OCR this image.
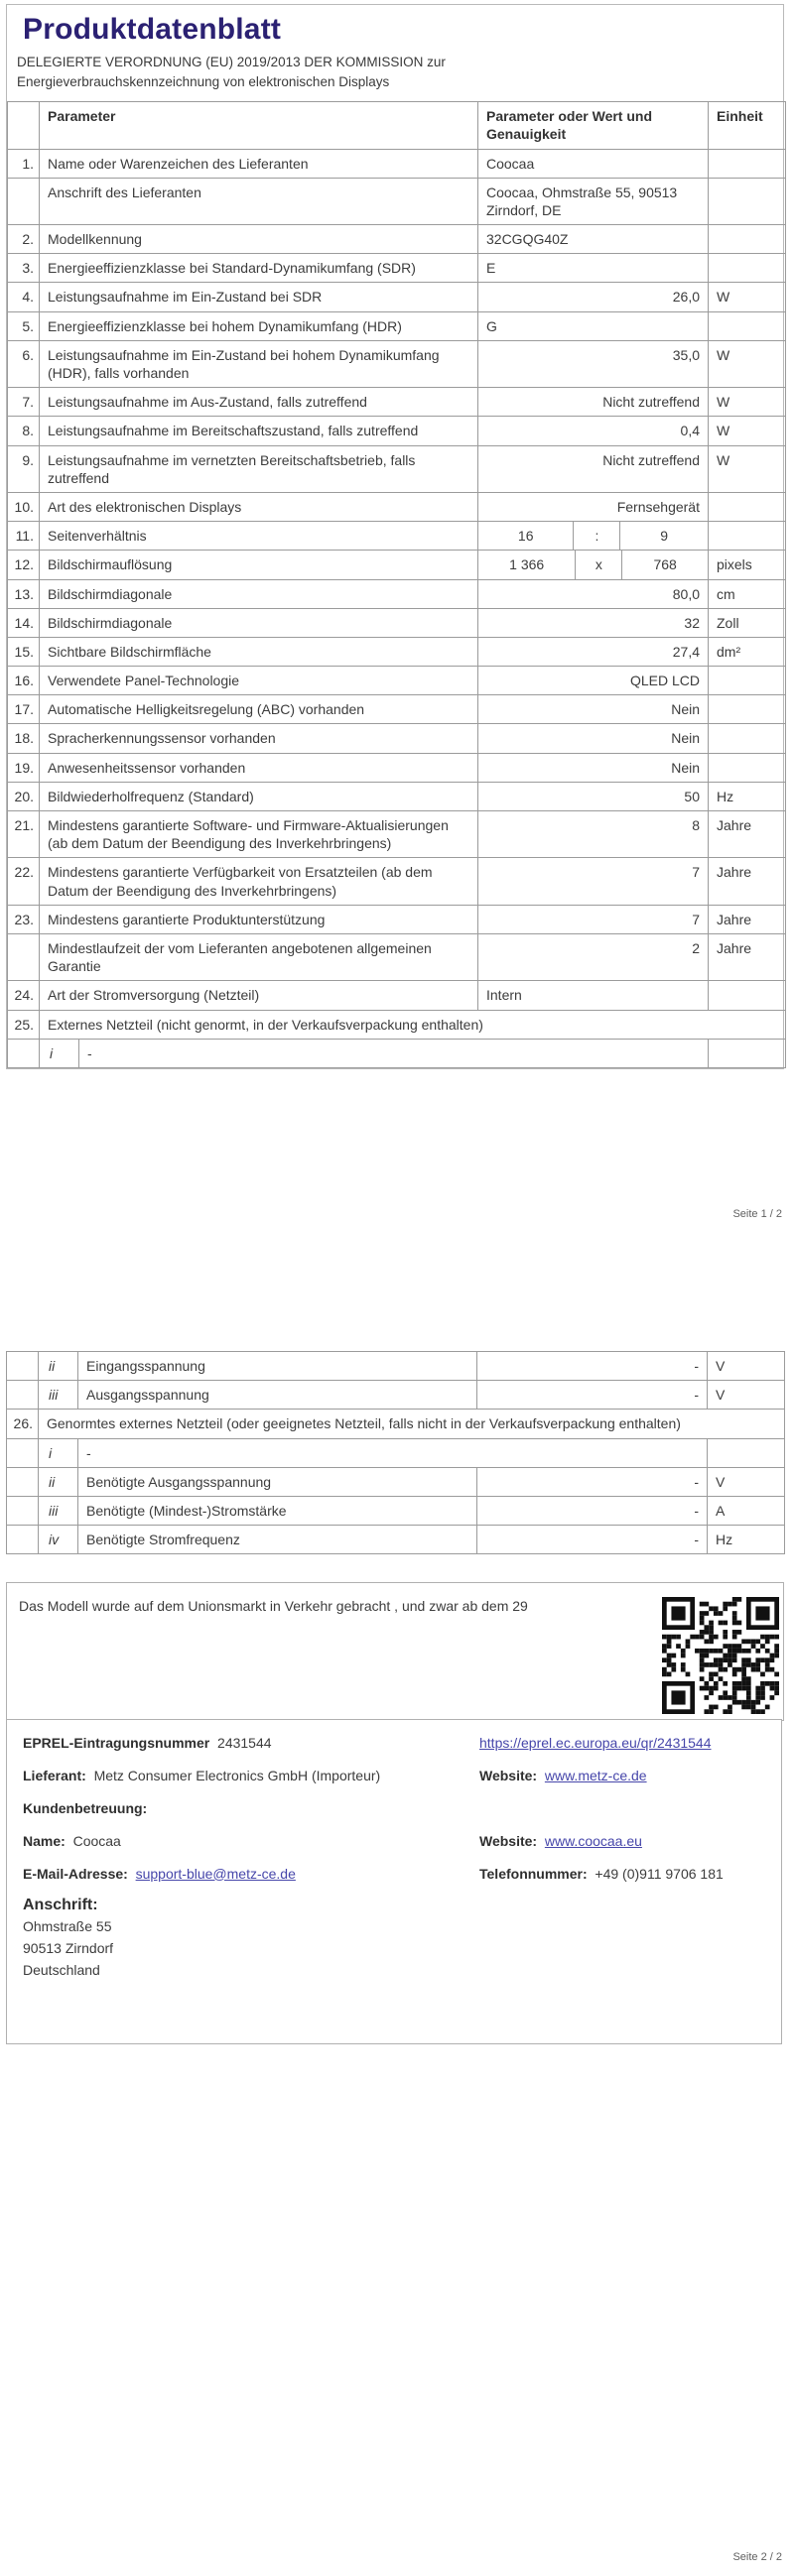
Produktdatenblatt
DELEGIERTE VERORDNUNG (EU) 2019/2013 DER KOMMISSION zur
Energieverbrauchskennzeichnung von elektronischen Displays
	Parameter		Parameter oder Wert und Genauigkeit	Einheit
1.	Name oder Warenzeichen des Lieferanten		Coocaa	
	Anschrift des Lieferanten		Coocaa, Ohmstraße 55, 90513 Zirndorf, DE	
2.	Modellkennung		32CGQG40Z	
3.	Energieeffizienzklasse bei Standard-Dynamikumfang (SDR)		E	
4.	Leistungsaufnahme im Ein-Zustand bei SDR		26,0	W
5.	Energieeffizienzklasse bei hohem Dynamikumfang (HDR)		G	
6.	Leistungsaufnahme im Ein-Zustand bei hohem Dynamikumfang (HDR), falls vorhanden		35,0	W
7.	Leistungsaufnahme im Aus-Zustand, falls zutreffend		Nicht zutreffend	W
8.	Leistungsaufnahme im Bereitschaftszustand, falls zutreffend		0,4	W
9.	Leistungsaufnahme im vernetzten Bereitschaftsbetrieb, falls zutreffend		Nicht zutreffend	W
10.	Art des elektronischen Displays		Fernsehgerät	
11.	Seitenverhältnis		16 : 9	

12.	Bildschirmauflösung		1 366 x 768	pixels
13.	Bildschirmdiagonale		80,0	cm
14.	Bildschirmdiagonale		32	Zoll
15.	Sichtbare Bildschirmfläche		27,4	dm²
16.	Verwendete Panel-Technologie		QLED LCD	
17.	Automatische Helligkeitsregelung (ABC) vorhanden		Nein	
18.	Spracherkennungssensor vorhanden		Nein	
19.	Anwesenheitssensor vorhanden		Nein	
20.	Bildwiederholfrequenz (Standard)		50	Hz
21.	Mindestens garantierte Software- und Firmware-Aktualisierungen (ab dem Datum der Beendigung des Inverkehrbringens)		8	Jahre
22.	Mindestens garantierte Verfügbarkeit von Ersatzteilen (ab dem Datum der Beendigung des Inverkehrbringens)		7	Jahre
23.	Mindestens garantierte Produktunterstützung		7	Jahre
	Mindestlaufzeit der vom Lieferanten angebotenen allgemeinen Garantie		2	Jahre
24.	Art der Stromversorgung (Netzteil)		Intern	
25.	Externes Netzteil (nicht genormt, in der Verkaufsverpackung enthalten)			
	i	-		
Seite 1 / 2
	ii	Eingangsspannung	-	V
	iii	Ausgangsspannung	-	V
26.	Genormtes externes Netzteil (oder geeignetes Netzteil, falls nicht in der Verkaufsverpackung enthalten)			
	i	-		
	ii	Benötigte Ausgangsspannung	-	V
	iii	Benötigte (Mindest-)Stromstärke	-	A
	iv	Benötigte Stromfrequenz	-	Hz
Das Modell wurde auf dem Unionsmarkt in Verkehr gebracht , und zwar ab dem 29
EPREL-Eintragungsnummer 2431544	https://eprel.ec.europa.eu/qr/2431544
Lieferant: Metz Consumer Electronics GmbH (Importeur)	Website: www.metz-ce.de
Kundenbetreuung:
Name: Coocaa	Website: www.coocaa.eu
E-Mail-Adresse: support-blue@metz-ce.de	Telefonnummer: +49 (0)911 9706 181
Anschrift:
Ohmstraße 55
90513 Zirndorf
Deutschland
Seite 2 / 2
